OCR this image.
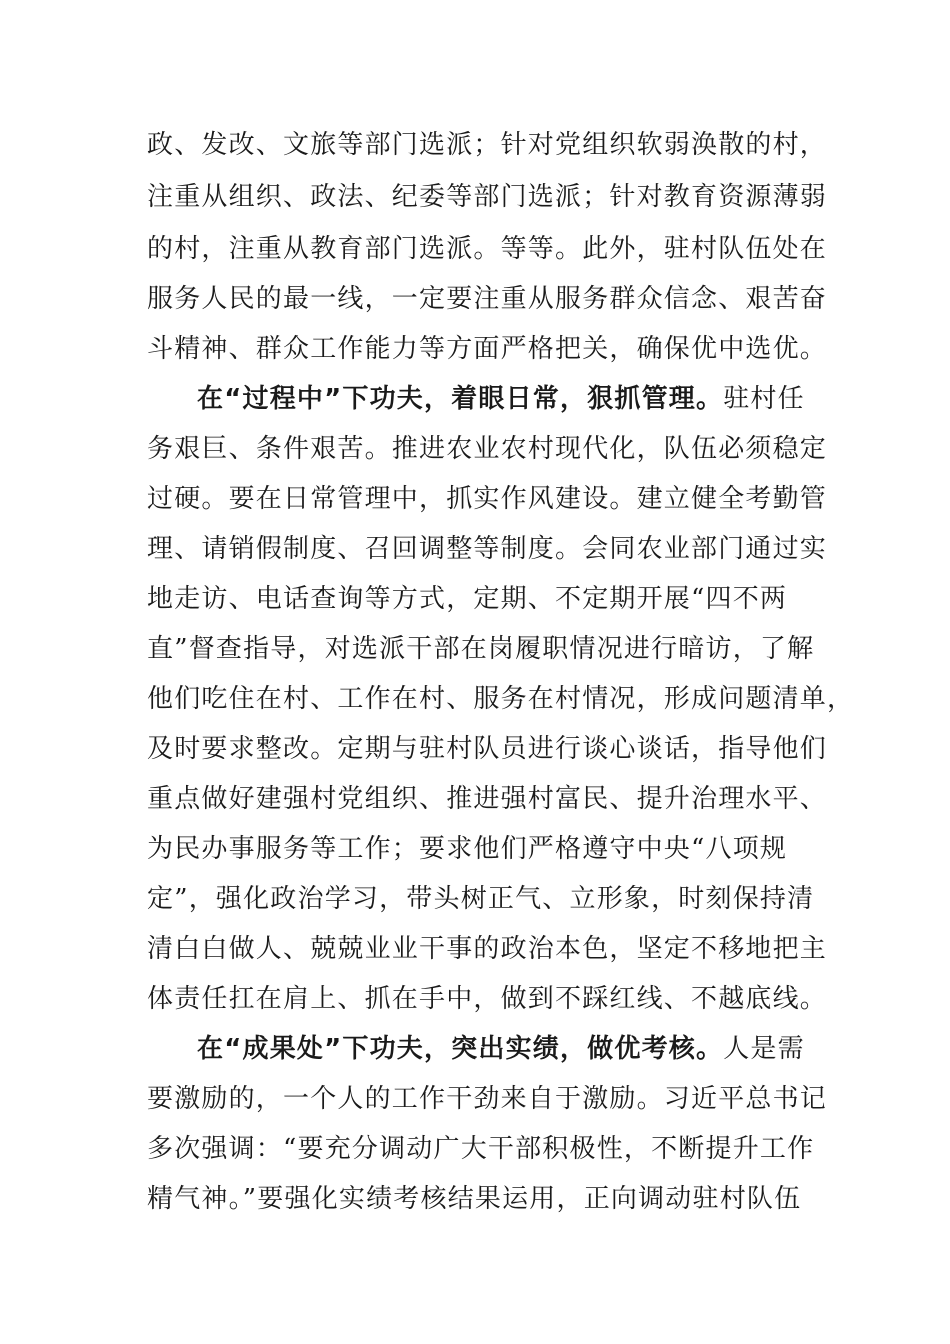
政、发改、文旅等部门选派；针对党组织软弱涣散的村，
注重从组织、政法、纪委等部门选派；针对教育资源薄弱
的村，注重从教育部门选派。等等。此外，驻村队伍处在
服务人民的最一线，一定要注重从服务群众信念、艰苦奋
斗精神、群众工作能力等方面严格把关，确保优中选优。
在“过程中”下功夫，着眼日常，狠抓管理。驻村任
务艰巨、条件艰苦。推进农业农村现代化，队伍必须稳定
过硬。要在日常管理中，抓实作风建设。建立健全考勤管
理、请销假制度、召回调整等制度。会同农业部门通过实
地走访、电话查询等方式，定期、不定期开展“四不两
直”督查指导，对选派干部在岗履职情况进行暗访，了解
他们吃住在村、工作在村、服务在村情况，形成问题清单，
及时要求整改。定期与驻村队员进行谈心谈话，指导他们
重点做好建强村党组织、推进强村富民、提升治理水平、
为民办事服务等工作；要求他们严格遵守中央“八项规
定”，强化政治学习，带头树正气、立形象，时刻保持清
清白白做人、兢兢业业干事的政治本色，坚定不移地把主
体责任扛在肩上、抓在手中，做到不踩红线、不越底线。
在“成果处”下功夫，突出实绩，做优考核。人是需
要激励的，一个人的工作干劲来自于激励。习近平总书记
多次强调：“要充分调动广大干部积极性，不断提升工作
精气神。”要强化实绩考核结果运用，正向调动驻村队伍
